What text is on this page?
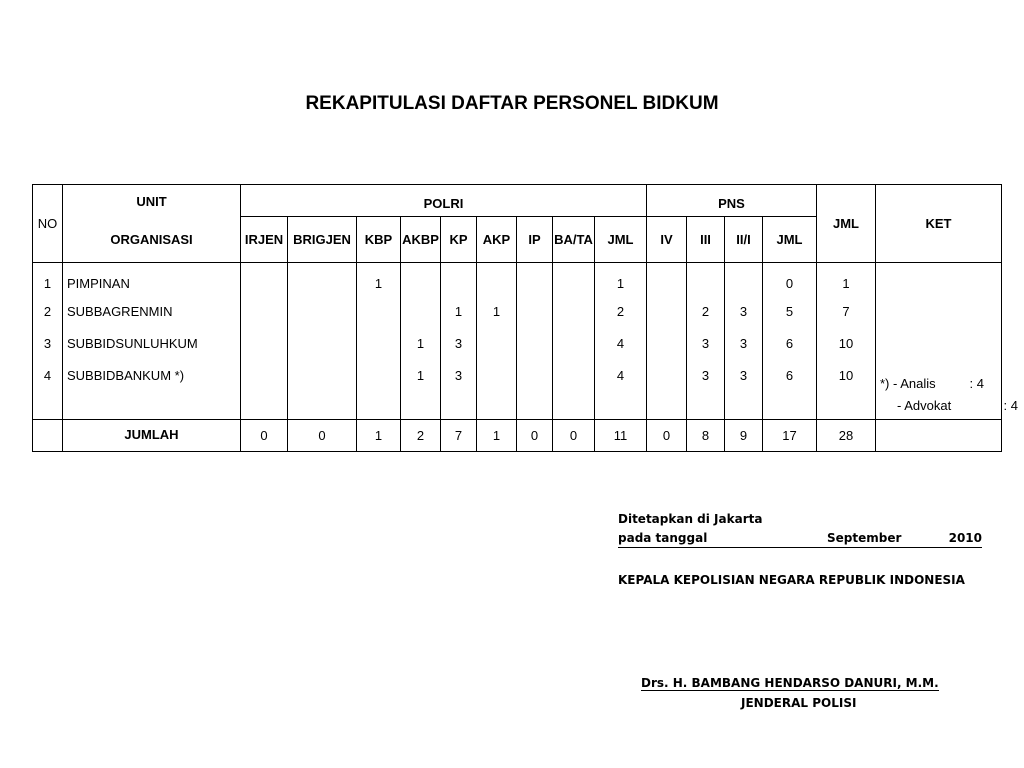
REKAPITULASI DAFTAR PERSONEL BIDKUM
NO	UNIT	POLRI									PNS				JML	KET
	ORGANISASI	IRJEN	BRIGJEN	KBP	AKBP	KP	AKP	IP	BA/TA	JML	IV	III	II/I	JML		
1	PIMPINAN			1						1				0	1	
2	SUBBAGRENMIN					1	1			2		2	3	5	7	
3	SUBBIDSUNLUHKUM				1	3				4		3	3	6	10	
4	SUBBIDBANKUM *)				1	3				4		3	3	6	10	*) - Analis : 4

																- Advokat : 4

	JUMLAH	0	0	1	2	7	1	0	0	11	0	8	9	17	28	
Ditetapkan di Jakarta
pada tanggal	September	2010
KEPALA KEPOLISIAN NEGARA REPUBLIK INDONESIA
Drs. H. BAMBANG HENDARSO DANURI, M.M.
JENDERAL POLISI
